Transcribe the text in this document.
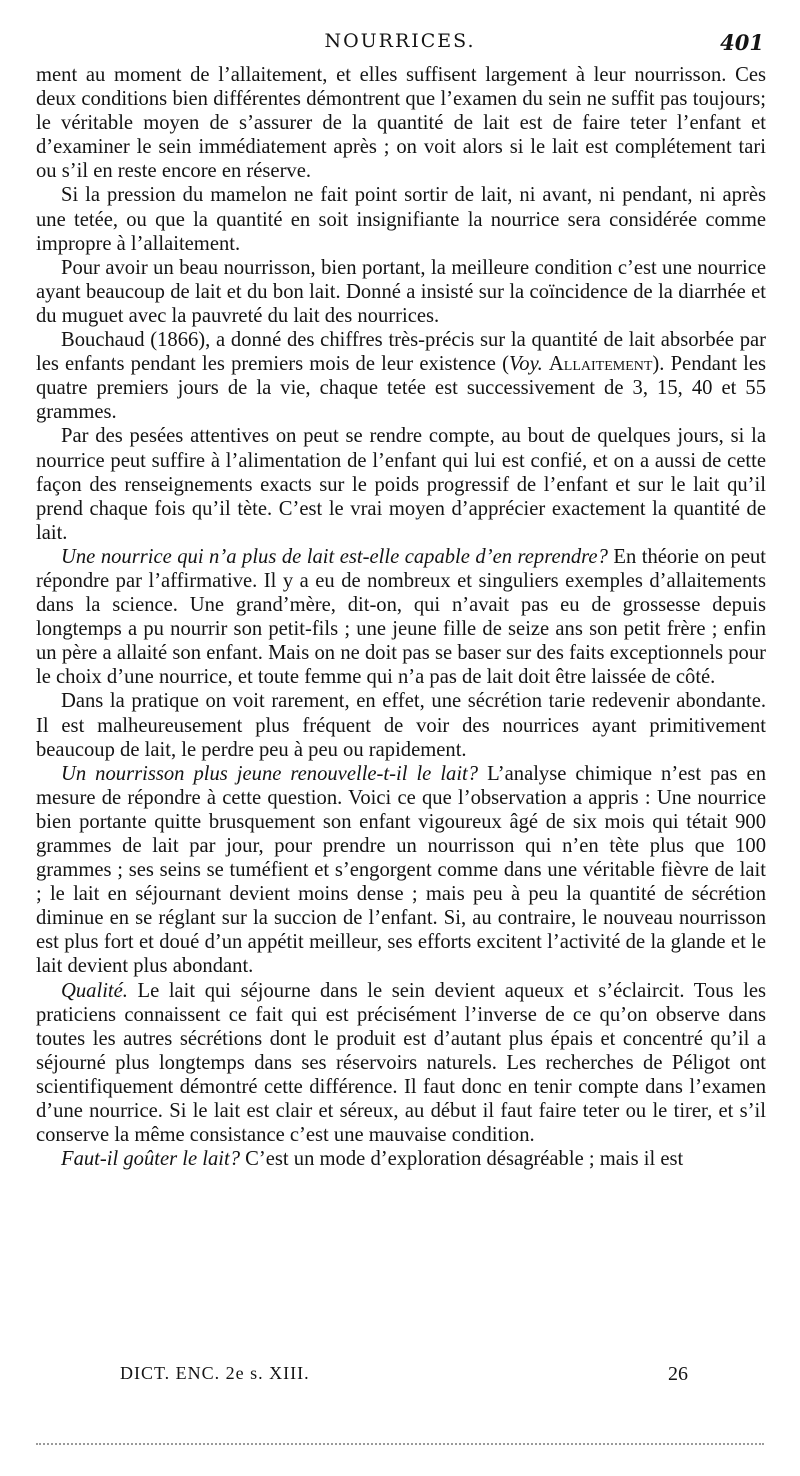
NOURRICES.	401

ment au moment de l’allaitement, et elles suffisent largement à leur nourrisson. Ces deux conditions bien différentes démontrent que l’examen du sein ne suffit pas toujours; le véritable moyen de s’assurer de la quantité de lait est de faire teter l’enfant et d’examiner le sein immédiatement après ; on voit alors si le lait est complétement tari ou s’il en reste encore en réserve.

Si la pression du mamelon ne fait point sortir de lait, ni avant, ni pendant, ni après une tetée, ou que la quantité en soit insignifiante la nourrice sera considérée comme impropre à l’allaitement.

Pour avoir un beau nourrisson, bien portant, la meilleure condition c’est une nourrice ayant beaucoup de lait et du bon lait. Donné a insisté sur la coïncidence de la diarrhée et du muguet avec la pauvreté du lait des nourrices.

Bouchaud (1866), a donné des chiffres très-précis sur la quantité de lait absorbée par les enfants pendant les premiers mois de leur existence (Voy. Allaitement). Pendant les quatre premiers jours de la vie, chaque tetée est successivement de 3, 15, 40 et 55 grammes.

Par des pesées attentives on peut se rendre compte, au bout de quelques jours, si la nourrice peut suffire à l’alimentation de l’enfant qui lui est confié, et on a aussi de cette façon des renseignements exacts sur le poids progressif de l’enfant et sur le lait qu’il prend chaque fois qu’il tète. C’est le vrai moyen d’apprécier exactement la quantité de lait.

Une nourrice qui n’a plus de lait est-elle capable d’en reprendre? En théorie on peut répondre par l’affirmative. Il y a eu de nombreux et singuliers exemples d’allaitements dans la science. Une grand’mère, dit-on, qui n’avait pas eu de grossesse depuis longtemps a pu nourrir son petit-fils ; une jeune fille de seize ans son petit frère ; enfin un père a allaité son enfant. Mais on ne doit pas se baser sur des faits exceptionnels pour le choix d’une nourrice, et toute femme qui n’a pas de lait doit être laissée de côté.

Dans la pratique on voit rarement, en effet, une sécrétion tarie redevenir abondante. Il est malheureusement plus fréquent de voir des nourrices ayant primitivement beaucoup de lait, le perdre peu à peu ou rapidement.

Un nourrisson plus jeune renouvelle-t-il le lait? L’analyse chimique n’est pas en mesure de répondre à cette question. Voici ce que l’observation a appris : Une nourrice bien portante quitte brusquement son enfant vigoureux âgé de six mois qui tétait 900 grammes de lait par jour, pour prendre un nourrisson qui n’en tète plus que 100 grammes ; ses seins se tuméfient et s’engorgent comme dans une véritable fièvre de lait ; le lait en séjournant devient moins dense ; mais peu à peu la quantité de sécrétion diminue en se réglant sur la succion de l’enfant. Si, au contraire, le nouveau nourrisson est plus fort et doué d’un appétit meilleur, ses efforts excitent l’activité de la glande et le lait devient plus abondant.

Qualité. Le lait qui séjourne dans le sein devient aqueux et s’éclaircit. Tous les praticiens connaissent ce fait qui est précisément l’inverse de ce qu’on observe dans toutes les autres sécrétions dont le produit est d’autant plus épais et concentré qu’il a séjourné plus longtemps dans ses réservoirs naturels. Les recherches de Péligot ont scientifiquement démontré cette différence. Il faut donc en tenir compte dans l’examen d’une nourrice. Si le lait est clair et séreux, au début il faut faire teter ou le tirer, et s’il conserve la même consistance c’est une mauvaise condition.

Faut-il goûter le lait? C’est un mode d’exploration désagréable ; mais il est

DICT. ENC. 2e s. XIII.	26
